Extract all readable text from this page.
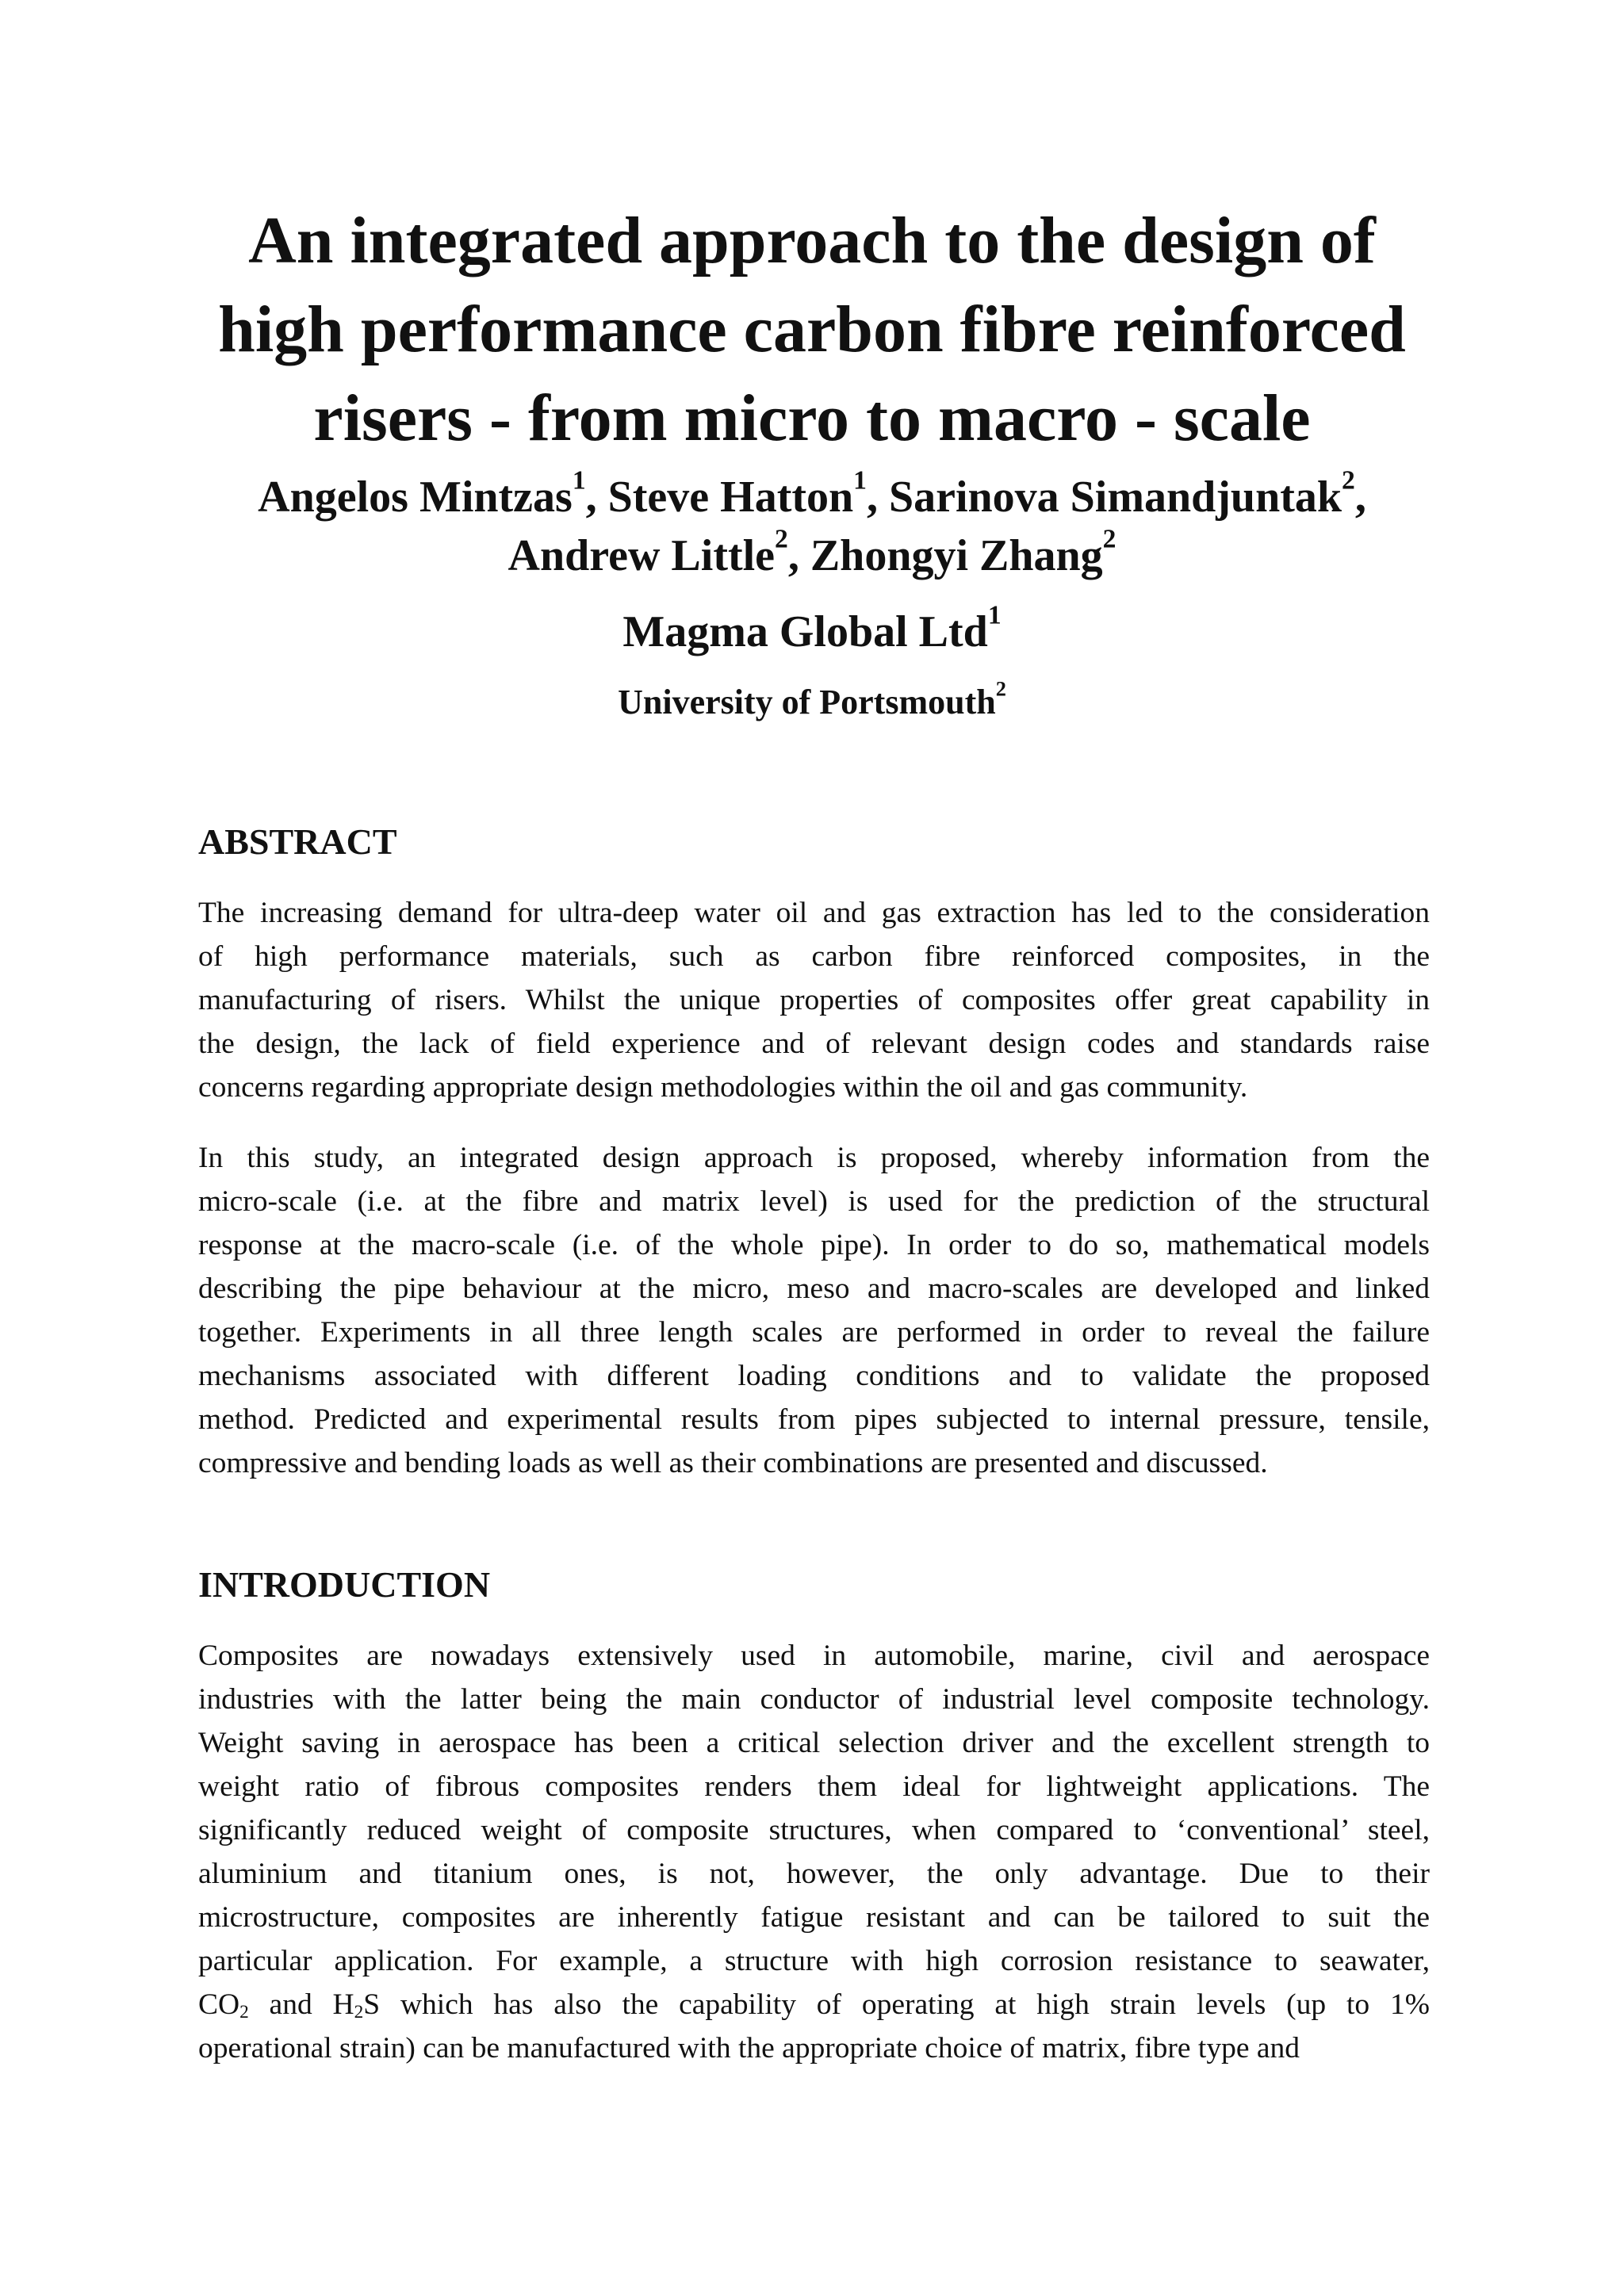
An integrated approach to the design of
high performance carbon fibre reinforced
risers - from micro to macro - scale

Angelos Mintzas$^1$, Steve Hatton$^1$, Sarinova Simandjuntak$^2$,
Andrew Little$^2$, Zhongyi Zhang$^2$

Magma Global Ltd$^1$

University of Portsmouth$^2$

ABSTRACT

The increasing demand for ultra-deep water oil and gas extraction has led to the consideration
of high performance materials, such as carbon fibre reinforced composites, in the
manufacturing of risers. Whilst the unique properties of composites offer great capability in
the design, the lack of field experience and of relevant design codes and standards raise
concerns regarding appropriate design methodologies within the oil and gas community.

In this study, an integrated design approach is proposed, whereby information from the
micro-scale (i.e. at the fibre and matrix level) is used for the prediction of the structural
response at the macro-scale (i.e. of the whole pipe). In order to do so, mathematical models
describing the pipe behaviour at the micro, meso and macro-scales are developed and linked
together. Experiments in all three length scales are performed in order to reveal the failure
mechanisms associated with different loading conditions and to validate the proposed
method. Predicted and experimental results from pipes subjected to internal pressure, tensile,
compressive and bending loads as well as their combinations are presented and discussed.

INTRODUCTION

Composites are nowadays extensively used in automobile, marine, civil and aerospace
industries with the latter being the main conductor of industrial level composite technology.
Weight saving in aerospace has been a critical selection driver and the excellent strength to
weight ratio of fibrous composites renders them ideal for lightweight applications. The
significantly reduced weight of composite structures, when compared to ‘conventional’ steel,
aluminium and titanium ones, is not, however, the only advantage. Due to their
microstructure, composites are inherently fatigue resistant and can be tailored to suit the
particular application. For example, a structure with high corrosion resistance to seawater,
$CO_2$ and $H_2S$ which has also the capability of operating at high strain levels (up to 1%
operational strain) can be manufactured with the appropriate choice of matrix, fibre type and
